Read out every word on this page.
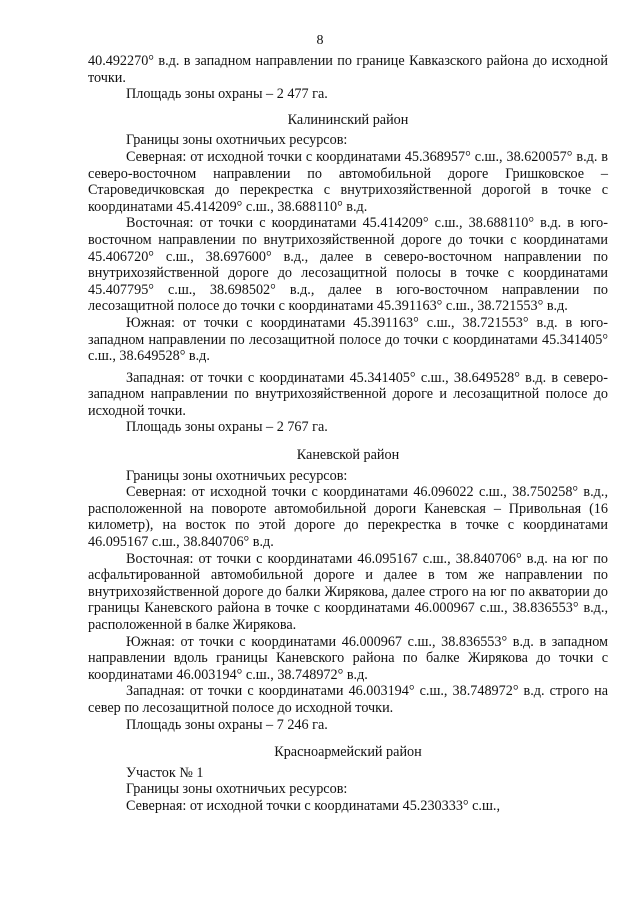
8

40.492270° в.д. в западном направлении по границе Кавказского района до исходной точки.

Площадь зоны охраны – 2 477 га.

Калининский район

Границы зоны охотничьих ресурсов:

Северная: от исходной точки с координатами 45.368957° с.ш., 38.620057° в.д. в северо-восточном направлении по автомобильной дороге Гришковское – Староведичковская до перекрестка с внутрихозяйственной дорогой в точке с координатами 45.414209° с.ш., 38.688110° в.д.

Восточная: от точки с координатами 45.414209° с.ш., 38.688110° в.д. в юго-восточном направлении по внутрихозяйственной дороге до точки с координатами 45.406720° с.ш., 38.697600° в.д., далее в северо-восточном направлении по внутрихозяйственной дороге до лесозащитной полосы в точке с координатами 45.407795° с.ш., 38.698502° в.д., далее в юго-восточном направлении по лесозащитной полосе до точки с координатами 45.391163° с.ш., 38.721553° в.д.

Южная: от точки с координатами 45.391163° с.ш., 38.721553° в.д. в юго-западном направлении по лесозащитной полосе до точки с координатами 45.341405° с.ш., 38.649528° в.д.

Западная: от точки с координатами 45.341405° с.ш., 38.649528° в.д. в северо-западном направлении по внутрихозяйственной дороге и лесозащитной полосе до исходной точки.

Площадь зоны охраны – 2 767 га.

Каневской район

Границы зоны охотничьих ресурсов:

Северная: от исходной точки с координатами 46.096022 с.ш., 38.750258° в.д., расположенной на повороте автомобильной дороги Каневская – Привольная (16 километр), на восток по этой дороге до перекрестка в точке с координатами 46.095167 с.ш., 38.840706° в.д.

Восточная: от точки с координатами 46.095167 с.ш., 38.840706° в.д. на юг по асфальтированной автомобильной дороге и далее в том же направлении по внутрихозяйственной дороге до балки Жирякова, далее строго на юг по акватории до границы Каневского района в точке с координатами 46.000967 с.ш., 38.836553° в.д., расположенной в балке Жирякова.

Южная: от точки с координатами 46.000967 с.ш., 38.836553° в.д. в западном направлении вдоль границы Каневского района по балке Жирякова до точки с координатами 46.003194° с.ш., 38.748972° в.д.

Западная: от точки с координатами 46.003194° с.ш., 38.748972° в.д. строго на север по лесозащитной полосе до исходной точки.

Площадь зоны охраны – 7 246 га.

Красноармейский район

Участок № 1

Границы зоны охотничьих ресурсов:

Северная: от исходной точки с координатами 45.230333° с.ш.,
